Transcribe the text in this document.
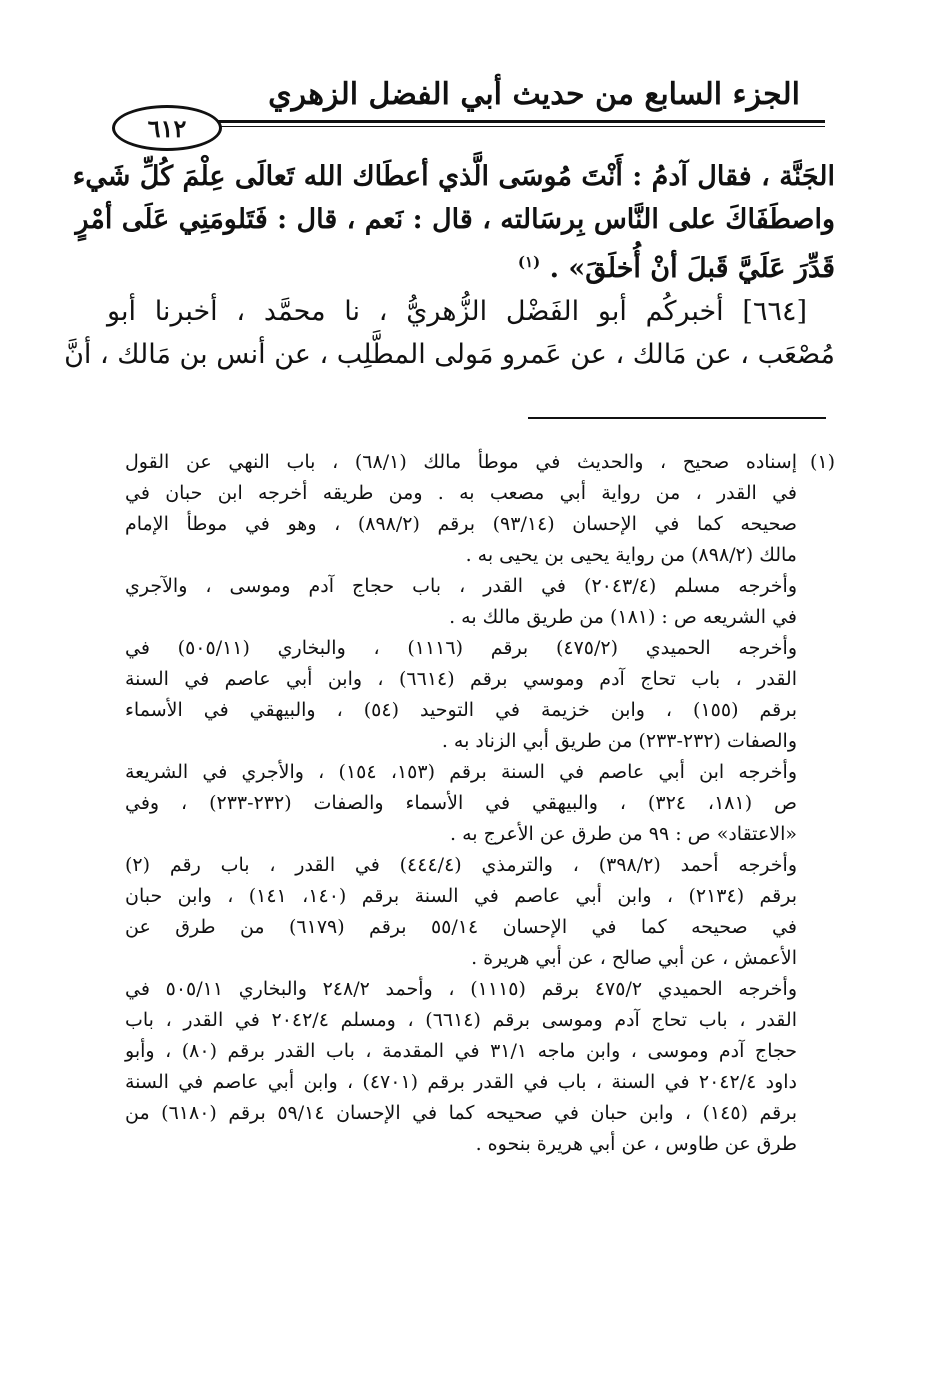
الجزء السابع من حديث أبي الفضل الزهري
٦١٢
الجَنَّة ، فقال آدمُ : أَنْتَ مُوسَى الَّذي أعطَاك الله تَعالَى عِلْمَ كُلِّ شَيء
واصطَفَاكَ على النَّاس بِرسَالته ، قال : نَعم ، قال : فَتَلومَنِي عَلَى أمْرٍ
قَدِّرَ عَلَيَّ قَبلَ أنْ أُخلَقَ» . $^{(١)}$
[٦٦٤] أخبركُم أبو الفَضْل الزُّهريُّ ، نا محمَّد ، أخبرنا أبو
مُصْعَب ، عن مَالك ، عن عَمرو مَولى المطَّلِب ، عن أنس بن مَالك ، أنَّ
(١)
إسناده صحيح ، والحديث في موطأ مالك (٦٨/١) ، باب النهي عن القول
في القدر ، من رواية أبي مصعب به . ومن طريقه أخرجه ابن حبان في
صحيحه كما في الإحسان (٩٣/١٤) برقم (٨٩٨/٢) ، وهو في موطأ الإمام
مالك (٨٩٨/٢) من رواية يحيى بن يحيى به .
وأخرجه مسلم (٢٠٤٣/٤) في القدر ، باب حجاج آدم وموسى ، والآجري
في الشريعه ص : (١٨١) من طريق مالك به .
وأخرجه الحميدي (٤٧٥/٢) برقم (١١١٦) ، والبخاري (٥٠٥/١١) في
القدر ، باب تحاج آدم وموسي برقم (٦٦١٤) ، وابن أبي عاصم في السنة
برقم (١٥٥) ، وابن خزيمة في التوحيد (٥٤) ، والبيهقي في الأسماء
والصفات (٢٣٢-٢٣٣) من طريق أبي الزناد به .
وأخرجه ابن أبي عاصم في السنة برقم (١٥٣، ١٥٤) ، والأجري في الشريعة
ص (١٨١، ٣٢٤) ، والبيهقي في الأسماء والصفات (٢٣٢-٢٣٣) ، وفي
«الاعتقاد» ص : ٩٩ من طرق عن الأعرج به .
وأخرجه أحمد (٣٩٨/٢) ، والترمذي (٤٤٤/٤) في القدر ، باب رقم (٢)
برقم (٢١٣٤) ، وابن أبي عاصم في السنة برقم (١٤٠، ١٤١) ، وابن حبان
في صحيحه كما في الإحسان ٥٥/١٤ برقم (٦١٧٩) من طرق عن
الأعمش ، عن أبي صالح ، عن أبي هريرة .
وأخرجه الحميدي ٤٧٥/٢ برقم (١١١٥) ، وأحمد ٢٤٨/٢ والبخاري ٥٠٥/١١ في
القدر ، باب تحاج آدم وموسى برقم (٦٦١٤) ، ومسلم ٢٠٤٢/٤ في القدر ، باب
حجاج آدم وموسى ، وابن ماجه ٣١/١ في المقدمة ، باب القدر برقم (٨٠) ، وأبو
داود ٢٠٤٢/٤ في السنة ، باب في القدر برقم (٤٧٠١) ، وابن أبي عاصم في السنة
برقم (١٤٥) ، وابن حبان في صحيحه كما في الإحسان ٥٩/١٤ برقم (٦١٨٠) من
طرق عن طاوس ، عن أبي هريرة بنحوه .
